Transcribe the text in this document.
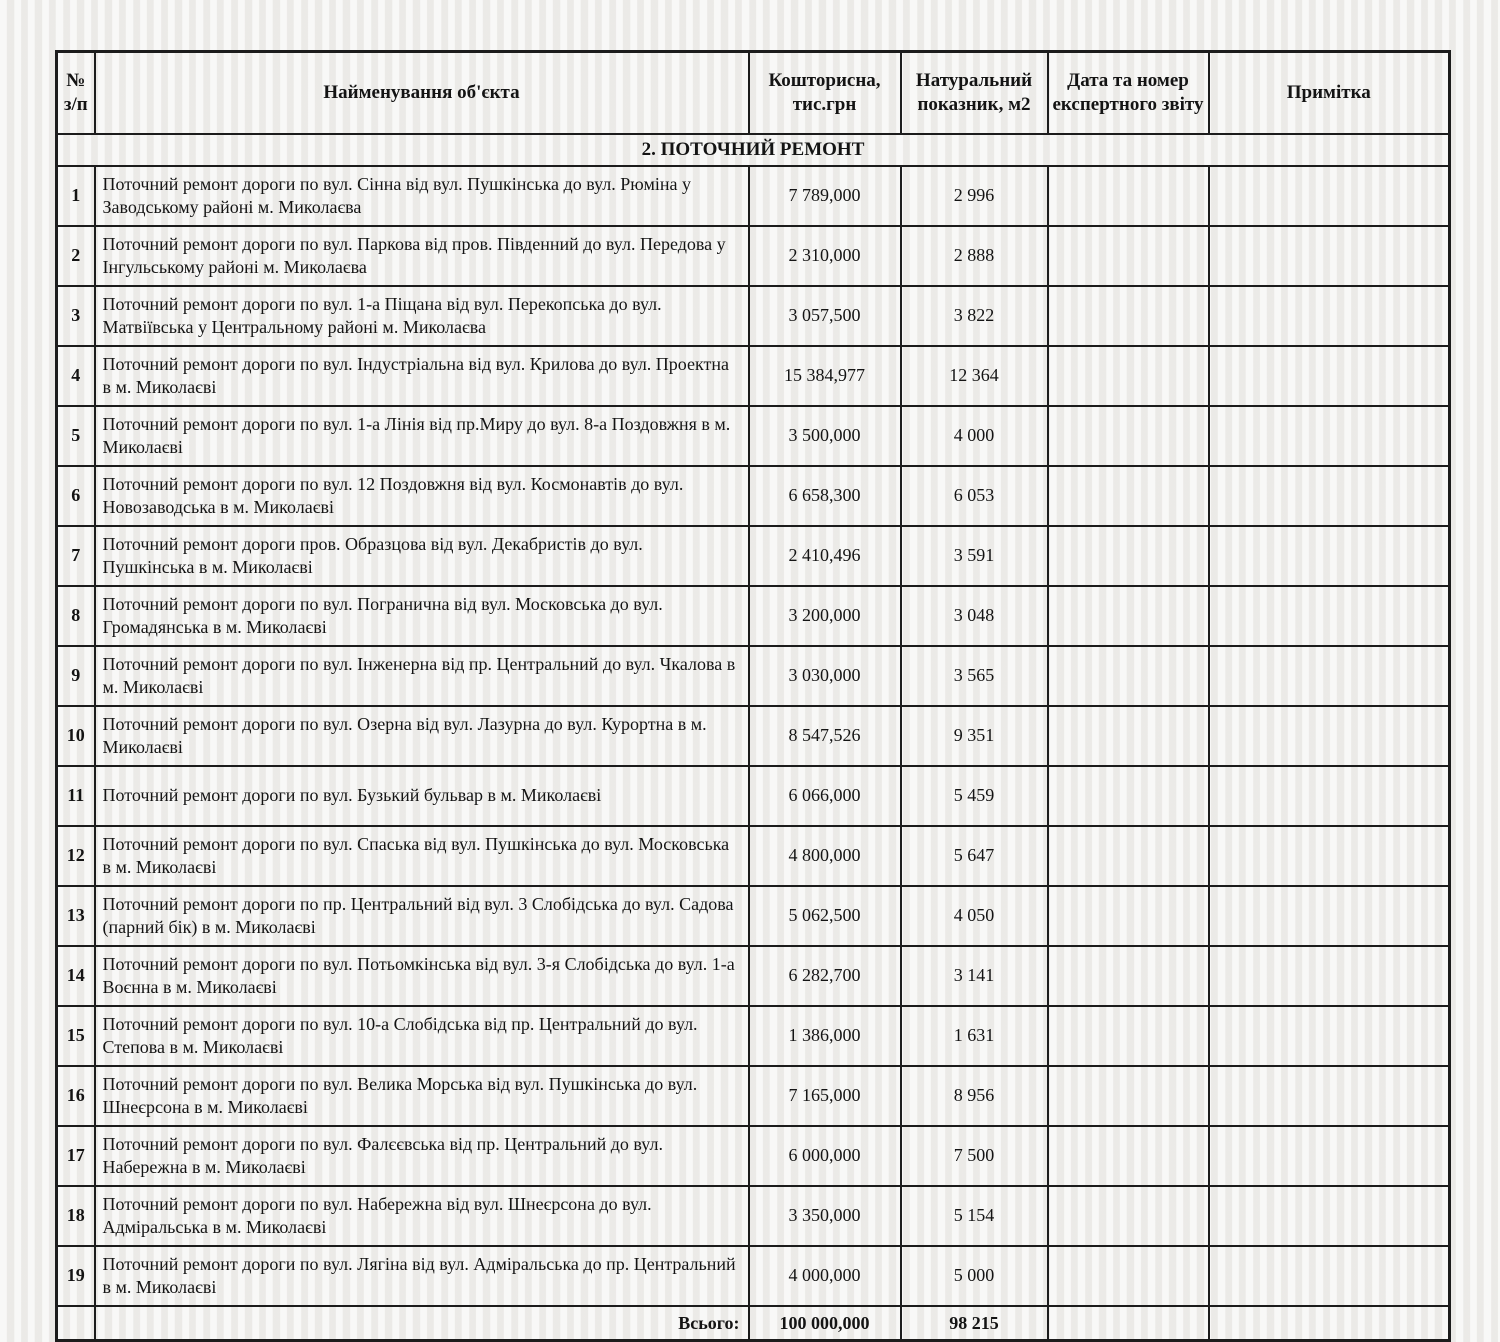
№ з/п	Найменування об'єкта	Кошторисна, тис.грн	Натуральний показник, м2	Дата та номер експертного звіту	Примітка
2. ПОТОЧНИЙ РЕМОНТ					
1	Поточний ремонт дороги по вул. Сінна від вул. Пушкінська до вул. Рюміна у Заводському районі м. Миколаєва	7 789,000	2 996		
2	Поточний ремонт дороги по вул. Паркова від пров. Південний до вул. Передова у Інгульському районі м. Миколаєва	2 310,000	2 888		
3	Поточний ремонт дороги по вул. 1-а Піщана від вул. Перекопська до вул. Матвіївська у Центральному районі м. Миколаєва	3 057,500	3 822		
4	Поточний ремонт дороги по вул. Індустріальна від вул. Крилова до вул. Проектна в м. Миколаєві	15 384,977	12 364		
5	Поточний ремонт дороги по вул. 1-а Лінія від пр.Миру до вул. 8-а Поздовжня в м. Миколаєві	3 500,000	4 000		
6	Поточний ремонт дороги по вул. 12 Поздовжня від вул. Космонавтів до вул. Новозаводська в м. Миколаєві	6 658,300	6 053		
7	Поточний ремонт дороги пров. Образцова від вул. Декабристів до вул. Пушкінська в м. Миколаєві	2 410,496	3 591		
8	Поточний ремонт дороги по вул. Погранична від вул. Московська до вул. Громадянська в м. Миколаєві	3 200,000	3 048		
9	Поточний ремонт дороги по вул. Інженерна від пр. Центральний до вул. Чкалова в м. Миколаєві	3 030,000	3 565		
10	Поточний ремонт дороги по вул. Озерна від вул. Лазурна до вул. Курортна в м. Миколаєві	8 547,526	9 351		
11	Поточний ремонт дороги по вул. Бузький бульвар в м. Миколаєві	6 066,000	5 459		
12	Поточний ремонт дороги по вул. Спаська від вул. Пушкінська до вул. Московська в м. Миколаєві	4 800,000	5 647		
13	Поточний ремонт дороги по пр. Центральний від вул. 3 Слобідська до вул. Садова (парний бік) в м. Миколаєві	5 062,500	4 050		
14	Поточний ремонт дороги по вул. Потьомкінська від вул. 3-я Слобідська до вул. 1-а Воєнна в м. Миколаєві	6 282,700	3 141		
15	Поточний ремонт дороги по вул. 10-а Слобідська від пр. Центральний до вул. Степова в м. Миколаєві	1 386,000	1 631		
16	Поточний ремонт дороги по вул. Велика Морська від вул. Пушкінська до вул. Шнеєрсона в м. Миколаєві	7 165,000	8 956		
17	Поточний ремонт дороги по вул. Фалєєвська від пр. Центральний до вул. Набережна в м. Миколаєві	6 000,000	7 500		
18	Поточний ремонт дороги по вул. Набережна від вул. Шнеєрсона до вул. Адміральська в м. Миколаєві	3 350,000	5 154		
19	Поточний ремонт дороги по вул. Лягіна від вул. Адміральська до пр. Центральний в м. Миколаєві	4 000,000	5 000		
	Всього:	100 000,000	98 215		
